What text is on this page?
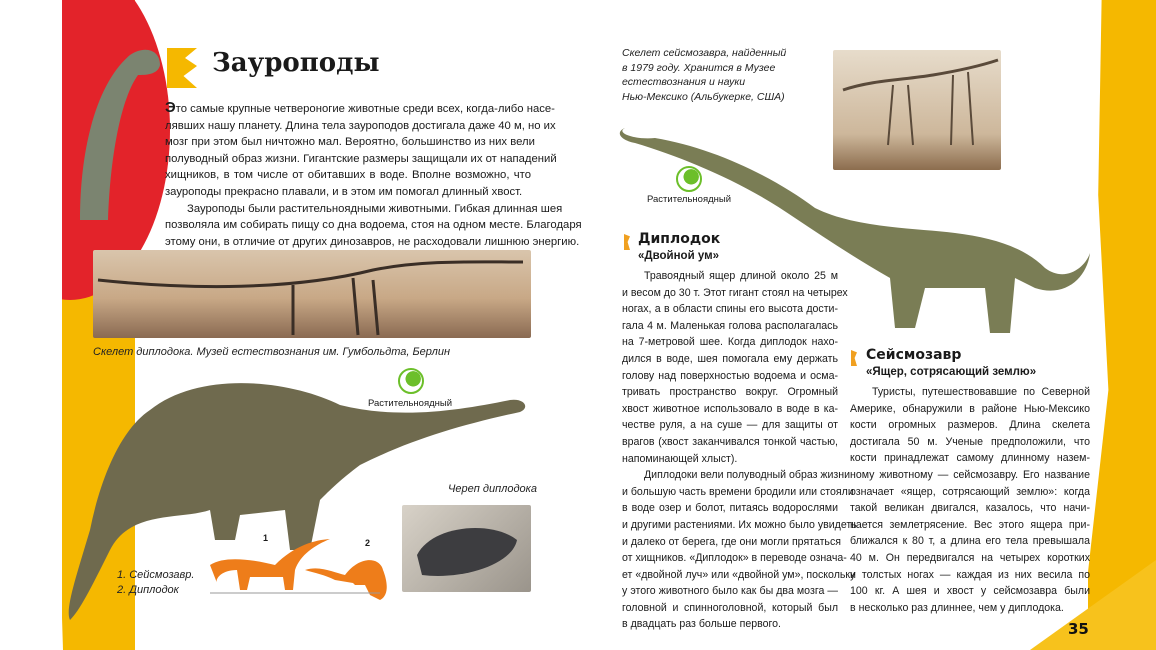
Зауроподы
Это самые крупные четвероногие животные среди всех, когда-либо насе-
лявших нашу планету. Длина тела зауроподов достигала даже 40 м, но их
мозг при этом был ничтожно мал. Вероятно, большинство из них вели
полуводный образ жизни. Гигантские размеры защищали их от нападений
хищников, в том числе от обитавших в воде. Вполне возможно, что
зауроподы прекрасно плавали, и в этом им помогал длинный хвост.
Зауроподы были растительноядными животными. Гибкая длинная шея
позволяла им собирать пищу со дна водоема, стоя на одном месте. Благодаря
этому они, в отличие от других динозавров, не расходовали лишнюю энергию.
Скелет диплодока. Музей естествознания им. Гумбольдта, Берлин
Растительноядный
Череп диплодока
1	2
1. Сейсмозавр.
2. Диплодок
Скелет сейсмозавра, найденный
в 1979 году. Хранится в Музее
естествознания и науки
Нью-Мексико (Альбукерке, США)
Растительноядный
Диплодок
«Двойной ум»
Травоядный ящер длиной около 25 м
и весом до 30 т. Этот гигант стоял на четырех
ногах, а в области спины его высота дости-
гала 4 м. Маленькая голова располагалась
на 7-метровой шее. Когда диплодок нахо-
дился в воде, шея помогала ему держать
голову над поверхностью водоема и осма-
тривать пространство вокруг. Огромный
хвост животное использовало в воде в ка-
честве руля, а на суше — для защиты от
врагов (хвост заканчивался тонкой частью,
напоминающей хлыст).
Диплодоки вели полуводный образ жизни
и большую часть времени бродили или стояли
в воде озер и болот, питаясь водорослями
и другими растениями. Их можно было увидеть
и далеко от берега, где они могли прятаться
от хищников. «Диплодок» в переводе означа-
ет «двойной луч» или «двойной ум», поскольку
у этого животного было как бы два мозга —
головной и спинноголовной, который был
в двадцать раз больше первого.
Сейсмозавр
«Ящер, сотрясающий землю»
Туристы, путешествовавшие по Северной
Америке, обнаружили в районе Нью-Мексико
кости огромных размеров. Длина скелета
достигала 50 м. Ученые предположили, что
кости принадлежат самому длинному назем-
ному животному — сейсмозавру. Его название
означает «ящер, сотрясающий землю»: когда
такой великан двигался, казалось, что начи-
нается землетрясение. Вес этого ящера при-
ближался к 80 т, а длина его тела превышала
40 м. Он передвигался на четырех коротких
и толстых ногах — каждая из них весила по
100 кг. А шея и хвост у сейсмозавра были
в несколько раз длиннее, чем у диплодока.
35
